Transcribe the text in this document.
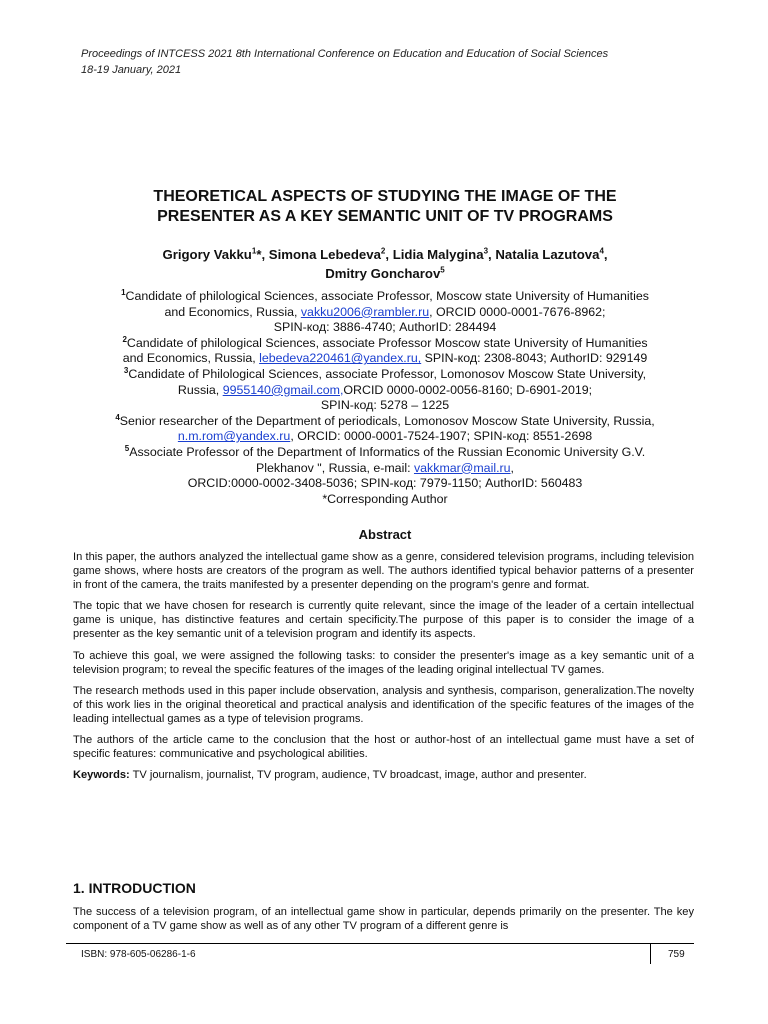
Proceedings of INTCESS 2021 8th International Conference on Education and Education of Social Sciences
18-19 January, 2021
THEORETICAL ASPECTS OF STUDYING THE IMAGE OF THE
PRESENTER AS A KEY SEMANTIC UNIT OF TV PROGRAMS
Grigory Vakku$^1$*, Simona Lebedeva$^2$, Lidia Malygina$^3$, Natalia Lazutova$^4$,
Dmitry Goncharov$^5$
$^1$Candidate of philological Sciences, associate Professor, Moscow state University of Humanities
and Economics, Russia, vakku2006@rambler.ru, ORCID 0000-0001-7676-8962;
SPIN-код: 3886-4740; AuthorID: 284494
$^2$Candidate of philological Sciences, associate Professor Moscow state University of Humanities
and Economics, Russia, lebedeva220461@yandex.ru, SPIN-код: 2308-8043; AuthorID: 929149
$^3$Candidate of Philological Sciences, associate Professor, Lomonosov Moscow State University,
Russia, 9955140@gmail.com,ORCID 0000-0002-0056-8160; D-6901-2019;
SPIN-код: 5278 – 1225
$^4$Senior researcher of the Department of periodicals, Lomonosov Moscow State University, Russia,
n.m.rom@yandex.ru, ORCID: 0000-0001-7524-1907; SPIN-код: 8551-2698
$^5$Associate Professor of the Department of Informatics of the Russian Economic University G.V.
Plekhanov ", Russia, e-mail: vakkmar@mail.ru,
ORCID:0000-0002-3408-5036; SPIN-код: 7979-1150; AuthorID: 560483
*Corresponding Author
Abstract

In this paper, the authors analyzed the intellectual game show as a genre, considered television programs, including television game shows, where hosts are creators of the program as well. The authors identified typical behavior patterns of a presenter in front of the camera, the traits manifested by a presenter depending on the program's genre and format.

The topic that we have chosen for research is currently quite relevant, since the image of the leader of a certain intellectual game is unique, has distinctive features and certain specificity.The purpose of this paper is to consider the image of a presenter as the key semantic unit of a television program and identify its aspects.

To achieve this goal, we were assigned the following tasks: to consider the presenter's image as a key semantic unit of a television program; to reveal the specific features of the images of the leading original intellectual TV games.

The research methods used in this paper include observation, analysis and synthesis, comparison, generalization.The novelty of this work lies in the original theoretical and practical analysis and identification of the specific features of the images of the leading intellectual games as a type of television programs.

The authors of the article came to the conclusion that the host or author-host of an intellectual game must have a set of specific features: communicative and psychological abilities.

Keywords: TV journalism, journalist, TV program, audience, TV broadcast, image, author and presenter.

1. INTRODUCTION
The success of a television program, of an intellectual game show in particular, depends primarily on the presenter. The key component of a TV game show as well as of any other TV program of a different genre is
ISBN: 978-605-06286-1-6	759
